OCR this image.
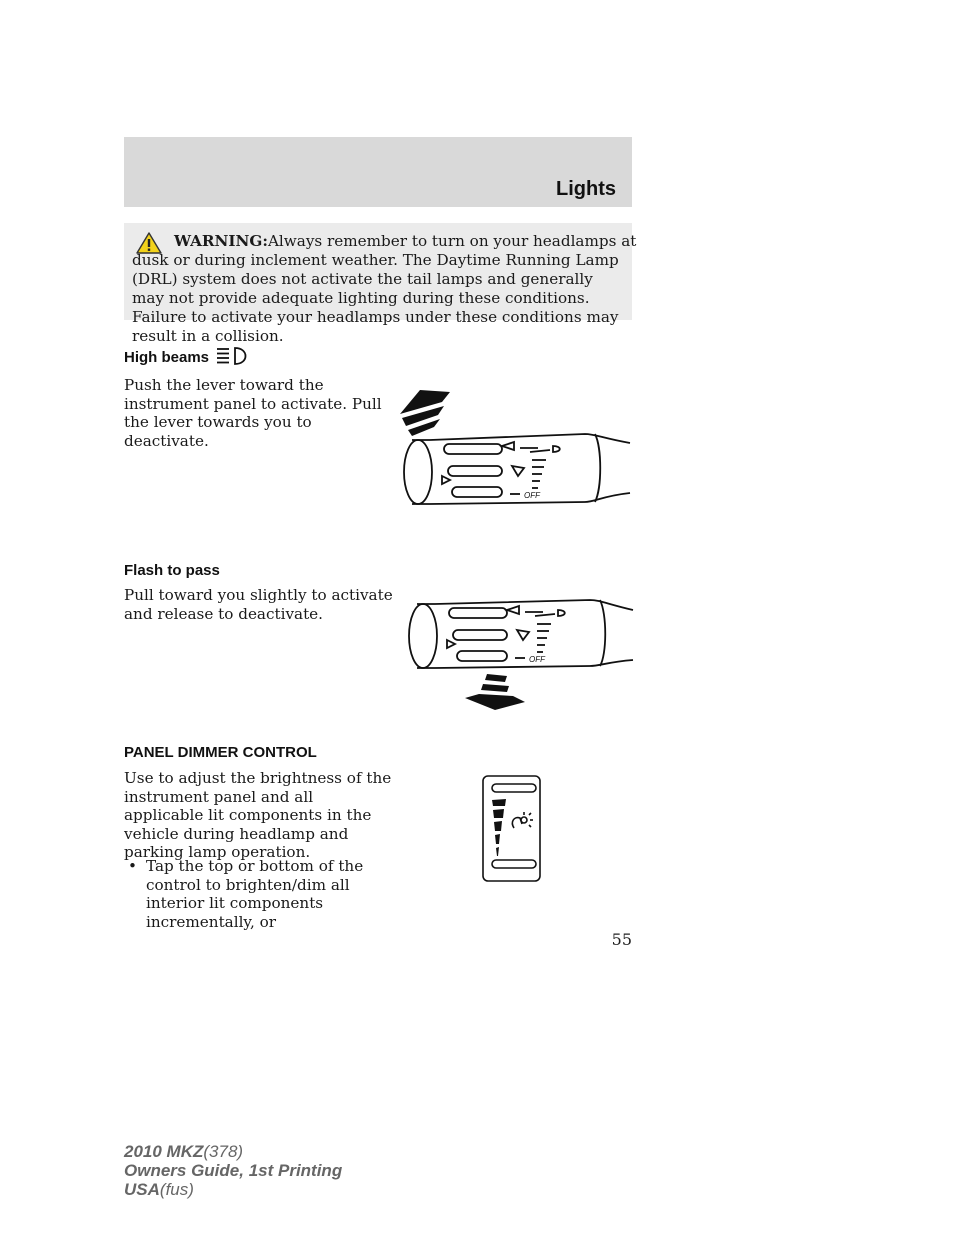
Lights
WARNING:Always remember to turn on your headlamps at
dusk or during inclement weather. The Daytime Running Lamp (DRL) system does not activate the tail lamps and generally may not provide adequate lighting during these conditions. Failure to activate your headlamps under these conditions may result in a collision.
High beams
Push the lever toward the instrument panel to activate. Pull the lever towards you to deactivate.
OFF
Flash to pass
Pull toward you slightly to activate and release to deactivate.
OFF
PANEL DIMMER CONTROL
Use to adjust the brightness of the instrument panel and all applicable lit components in the vehicle during headlamp and parking lamp operation.
• Tap the top or bottom of the control to brighten/dim all interior lit components incrementally, or
55
2010 MKZ(378)
Owners Guide, 1st Printing
USA(fus)
